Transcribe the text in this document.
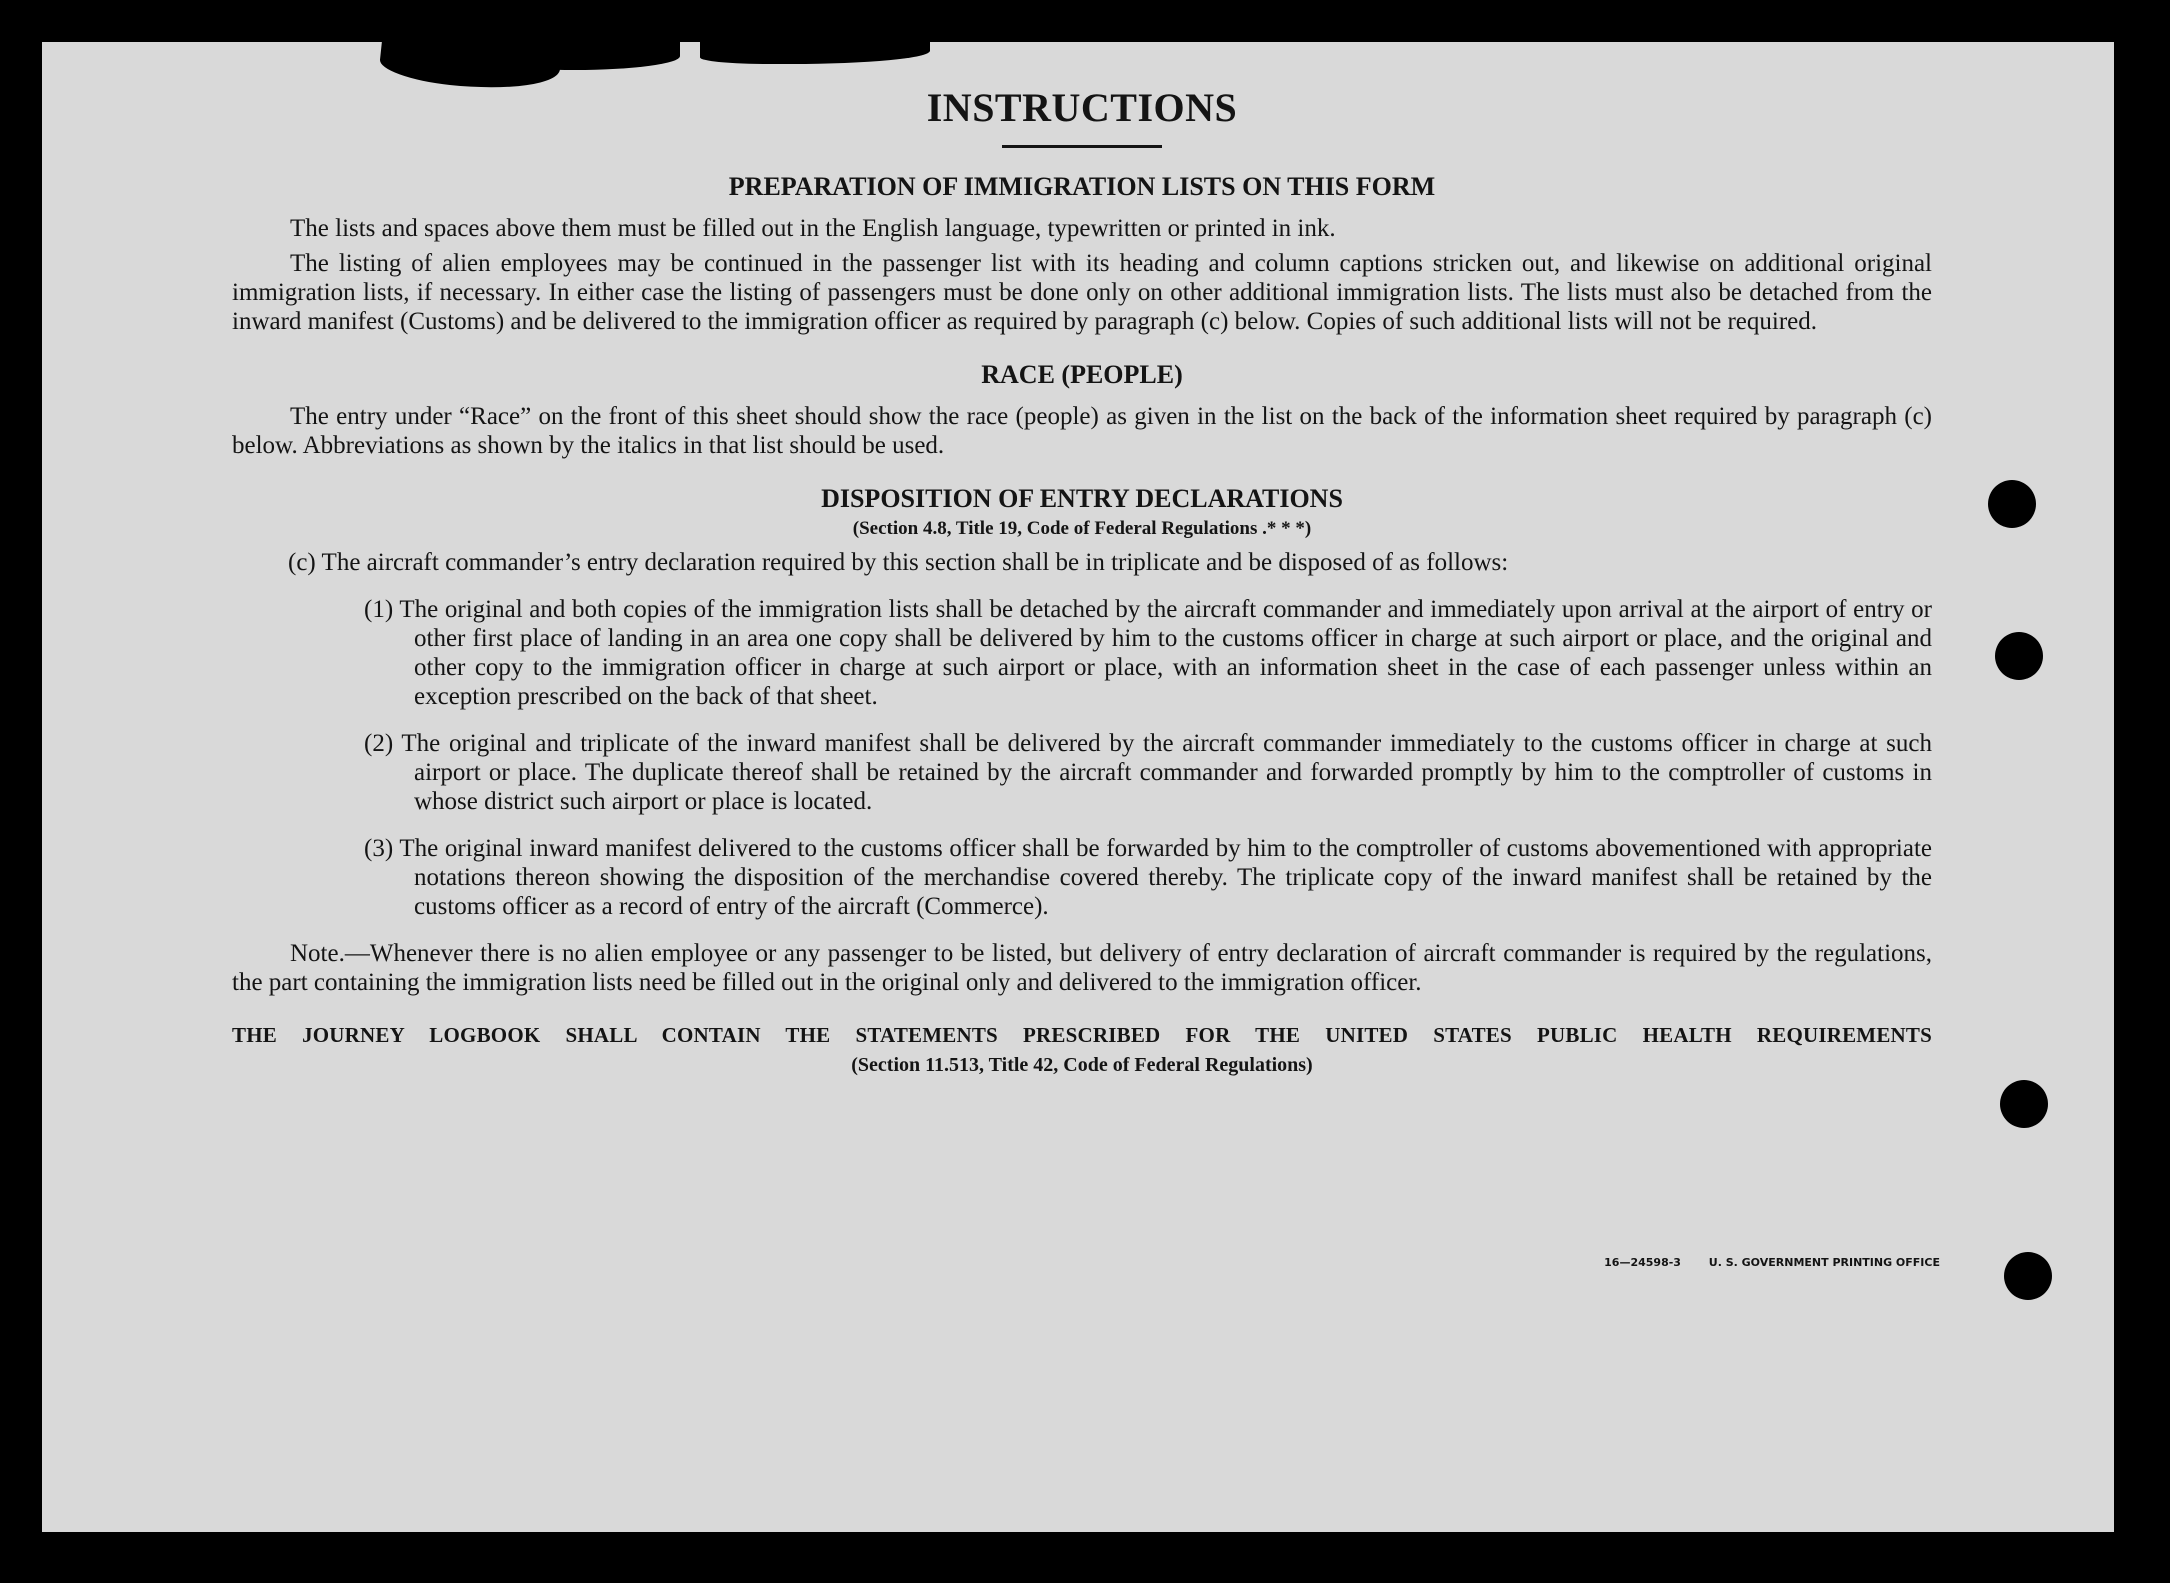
INSTRUCTIONS
PREPARATION OF IMMIGRATION LISTS ON THIS FORM

The lists and spaces above them must be filled out in the English language, typewritten or printed in ink.

The listing of alien employees may be continued in the passenger list with its heading and column captions stricken out, and likewise on additional original immigration lists, if necessary. In either case the listing of passengers must be done only on other additional immigration lists. The lists must also be detached from the inward manifest (Customs) and be delivered to the immigration officer as required by paragraph (c) below. Copies of such additional lists will not be required.

RACE (PEOPLE)

The entry under “Race” on the front of this sheet should show the race (people) as given in the list on the back of the information sheet required by paragraph (c) below. Abbreviations as shown by the italics in that list should be used.

DISPOSITION OF ENTRY DECLARATIONS
(Section 4.8, Title 19, Code of Federal Regulations .* * *)

(c) The aircraft commander’s entry declaration required by this section shall be in triplicate and be disposed of as follows:

(1) The original and both copies of the immigration lists shall be detached by the aircraft commander and immediately upon arrival at the airport of entry or other first place of landing in an area one copy shall be delivered by him to the customs officer in charge at such airport or place, and the original and other copy to the immigration officer in charge at such airport or place, with an information sheet in the case of each passenger unless within an exception prescribed on the back of that sheet.
(2) The original and triplicate of the inward manifest shall be delivered by the aircraft commander immediately to the customs officer in charge at such airport or place. The duplicate thereof shall be retained by the aircraft commander and forwarded promptly by him to the comptroller of customs in whose district such airport or place is located.
(3) The original inward manifest delivered to the customs officer shall be forwarded by him to the comptroller of customs abovementioned with appropriate notations thereon showing the disposition of the merchandise covered thereby. The triplicate copy of the inward manifest shall be retained by the customs officer as a record of entry of the aircraft (Commerce).

Note.—Whenever there is no alien employee or any passenger to be listed, but delivery of entry declaration of aircraft commander is required by the regulations, the part containing the immigration lists need be filled out in the original only and delivered to the immigration officer.

THE JOURNEY LOGBOOK SHALL CONTAIN THE STATEMENTS PRESCRIBED FOR THE UNITED STATES PUBLIC HEALTH REQUIREMENTS
(Section 11.513, Title 42, Code of Federal Regulations)
16—24598-3	U. S. GOVERNMENT PRINTING OFFICE
